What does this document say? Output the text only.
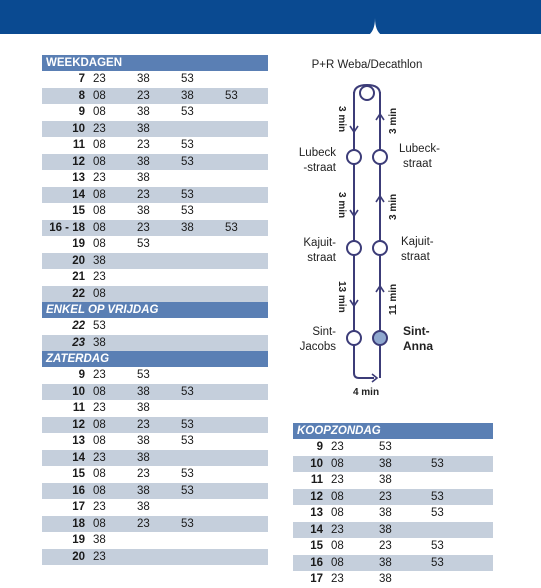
WEEKDAGEN				
7	23	38	53	
8	08	23	38	53
9	08	38	53	
10	23	38		
11	08	23	53	
12	08	38	53	
13	23	38		
14	08	23	53	
15	08	38	53	
16 - 18	08	23	38	53
19	08	53		
20	38			
21	23			
22	08			
ENKEL OP VRIJDAG				
22	53			
23	38			
ZATERDAG				
9	23	53		
10	08	38	53	
11	23	38		
12	08	23	53	
13	08	38	53	
14	23	38		
15	08	23	53	
16	08	38	53	
17	23	38		
18	08	23	53	
19	38			
20	23			
KOOPZONDAG			
9	23	53	
10	08	38	53
11	23	38	
12	08	23	53
13	08	38	53
14	23	38	
15	08	23	53
16	08	38	53
17	23	38	
P+R Weba/Decathlon
Lubeck
-straat
Kajuit-
straat
Sint-
Jacobs
Lubeck-
straat
Kajuit-
straat
Sint-
Anna
3 min
3 min
13 min
3 min
3 min
11 min
4 min
